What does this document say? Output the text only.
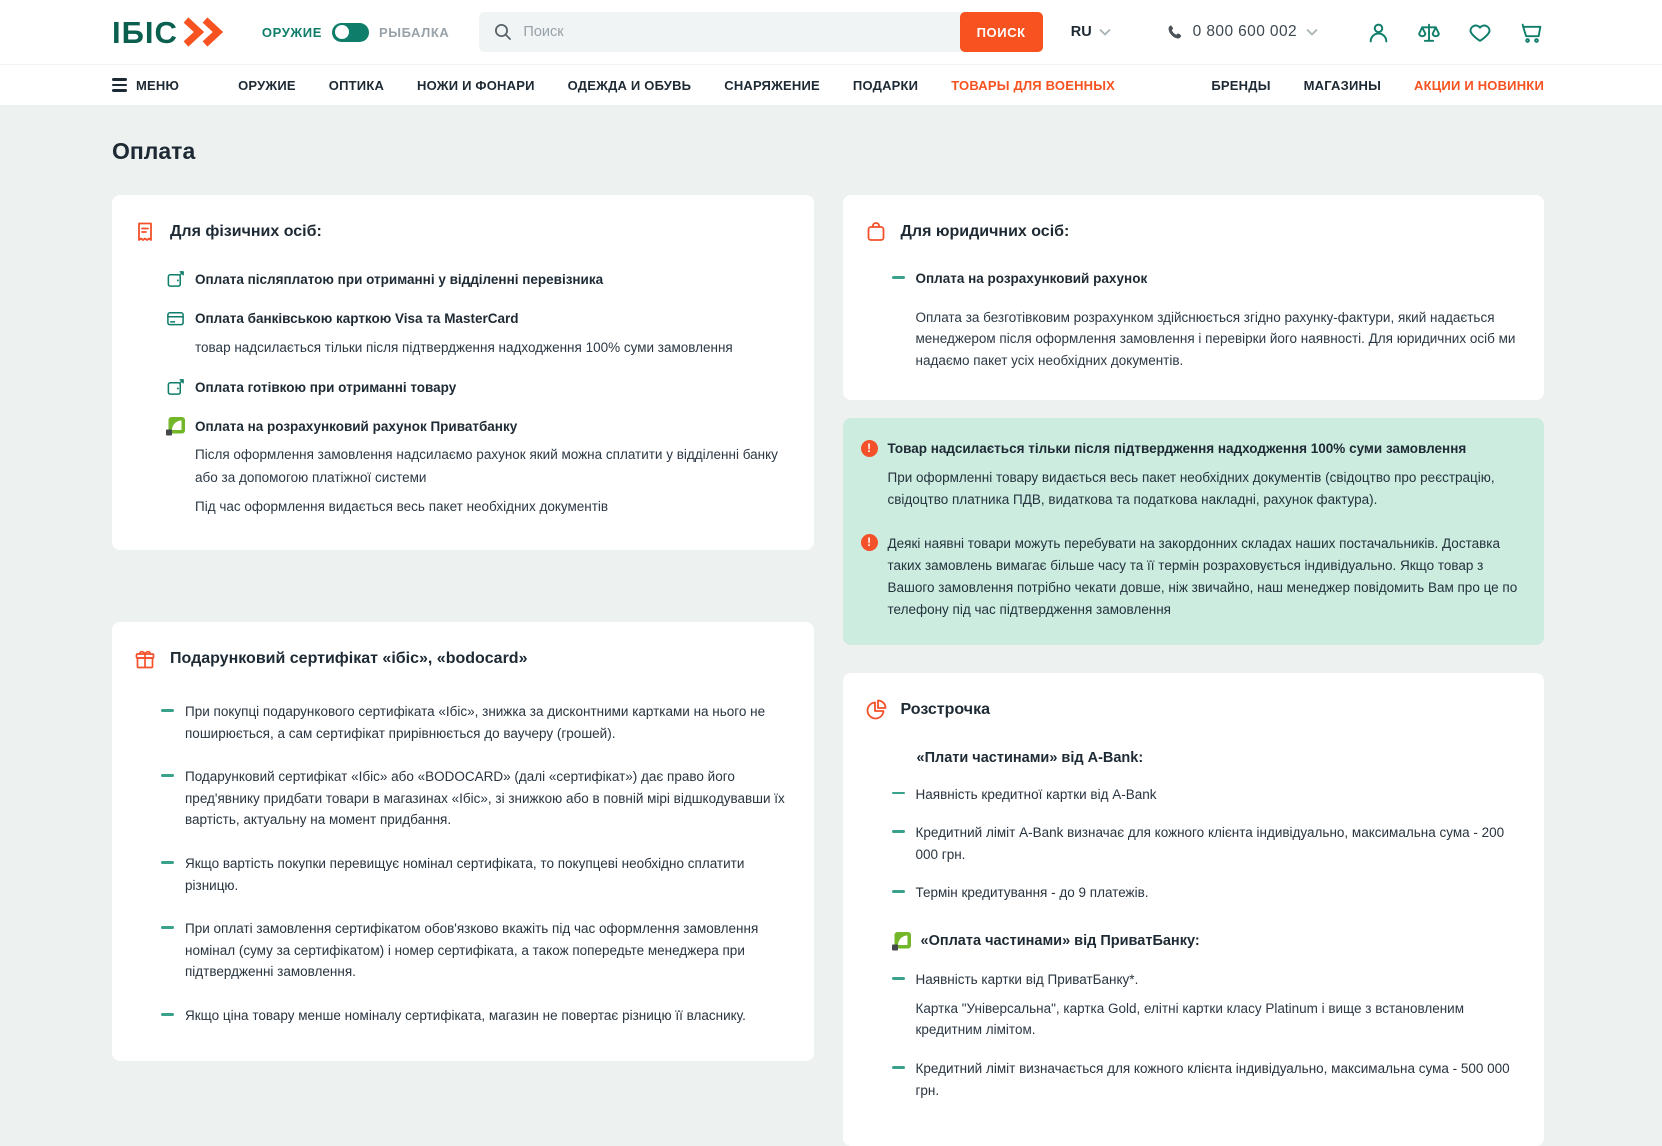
ІБІС	ОРУЖИЕ	РЫБАЛКА
Поиск	ПОИСК	RU	0 800 600 002
МЕНЮ	ОРУЖИЕ	ОПТИКА	НОЖИ И ФОНАРИ	ОДЕЖДА И ОБУВЬ	СНАРЯЖЕНИЕ	ПОДАРКИ	ТОВАРЫ ДЛЯ ВОЕННЫХ	БРЕНДЫ	МАГАЗИНЫ	АКЦИИ И НОВИНКИ
Оплата
Для фізичних осіб:
Оплата післяплатою при отриманні у відділенні перевізника
Оплата банківською карткою Visa та MasterCard
товар надсилається тільки після підтвердження надходження 100% суми замовлення
Оплата готівкою при отриманні товару
Оплата на розрахунковий рахунок Приватбанку
Після оформлення замовлення надсилаємо рахунок який можна сплатити у відділенні банку або за допомогою платіжної системи
Під час оформлення видається весь пакет необхідних документів
Подарунковий сертифікат «ібіс», «bodocard»
При покупці подарункового сертифіката «Ібіс», знижка за дисконтними картками на нього не поширюється, а сам сертифікат прирівнюється до ваучеру (грошей).
Подарунковий сертифікат «Ібіс» або «BODOCARD» (далі «сертифікат») дає право його пред'явнику придбати товари в магазинах «Ібіс», зі знижкою або в повній мірі відшкодувавши їх вартість, актуальну на момент придбання.
Якщо вартість покупки перевищує номінал сертифіката, то покупцеві необхідно сплатити різницю.
При оплаті замовлення сертифікатом обов'язково вкажіть під час оформлення замовлення номінал (суму за сертифікатом) і номер сертифіката, а також попередьте менеджера при підтвердженні замовлення.
Якщо ціна товару менше номіналу сертифіката, магазин не повертає різницю її власнику.
Для юридичних осіб:
Оплата на розрахунковий рахунок
Оплата за безготівковим розрахунком здійснюється згідно рахунку-фактури, який надається менеджером після оформлення замовлення і перевірки його наявності. Для юридичних осіб ми надаємо пакет усіх необхідних документів.
!	Товар надсилається тільки після підтвердження надходження 100% суми замовлення
При оформленні товару видається весь пакет необхідних документів (свідоцтво про реєстрацію, свідоцтво платника ПДВ, видаткова та податкова накладні, рахунок фактура).
!	Деякі наявні товари можуть перебувати на закордонних складах наших постачальників. Доставка таких замовлень вимагає більше часу та її термін розраховується індивідуально. Якщо товар з Вашого замовлення потрібно чекати довше, ніж звичайно, наш менеджер повідомить Вам про це по телефону під час підтвердження замовлення
Розстрочка
«Плати частинами» від A-Bank:
Наявність кредитної картки від A-Bank
Кредитний ліміт A-Bank визначає для кожного клієнта індивідуально, максимальна сума - 200 000 грн.
Термін кредитування - до 9 платежів.
«Оплата частинами» від ПриватБанку:
Наявність картки від ПриватБанку*.
Картка "Універсальна", картка Gold, елітні картки класу Platinum і вище з встановленим кредитним лімітом.
Кредитний ліміт визначається для кожного клієнта індивідуально, максимальна сума - 500 000 грн.
